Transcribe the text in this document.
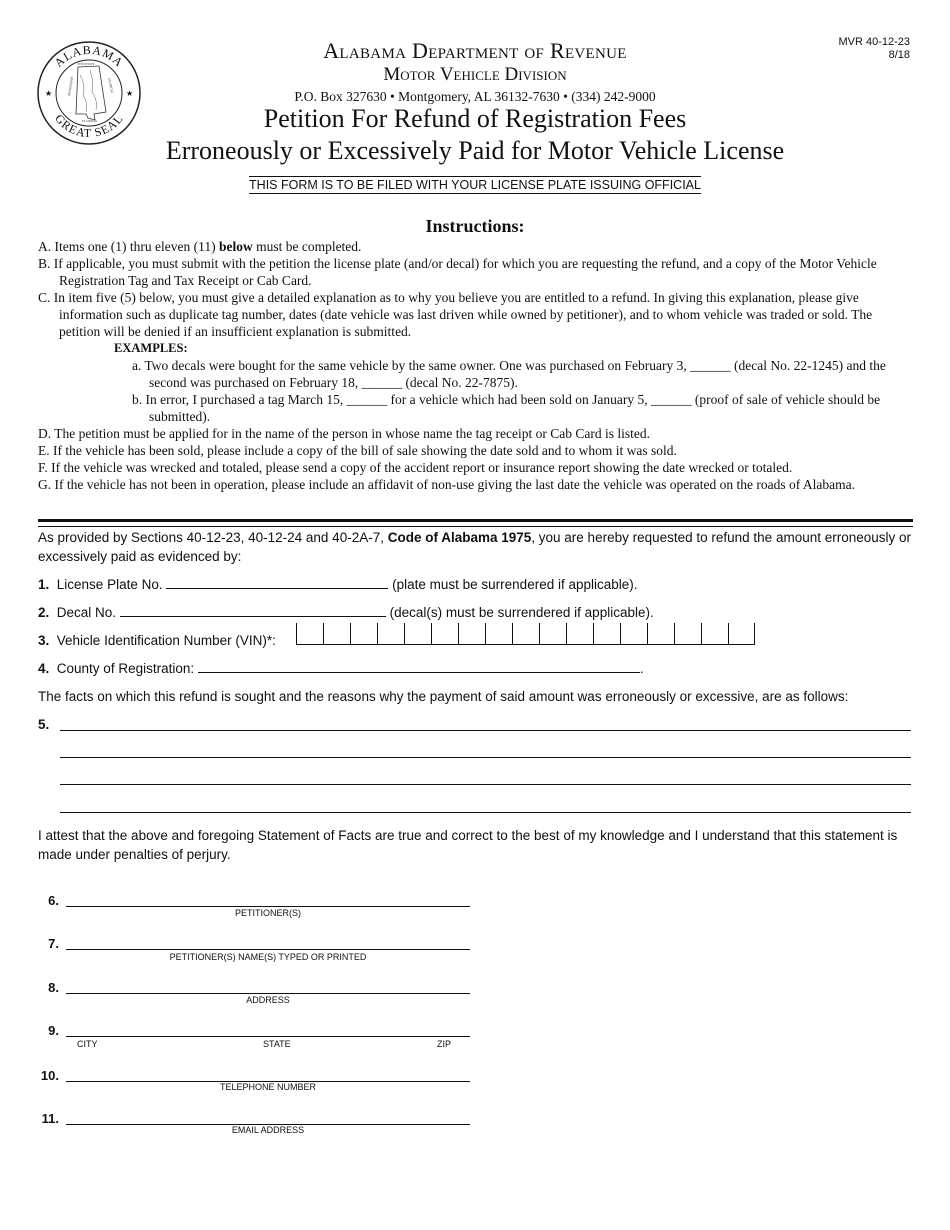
ALABAMA
GREAT SEAL
★	★
MISSISSIPPI	GEORGIA
FLORIDA
TENNESSEE
MVR 40-12-23
8/18
Alabama Department of Revenue
Motor Vehicle Division
P.O. Box 327630 • Montgomery, AL 36132-7630 • (334) 242-9000
Petition For Refund of Registration Fees
Erroneously or Excessively Paid for Motor Vehicle License
THIS FORM IS TO BE FILED WITH YOUR LICENSE PLATE ISSUING OFFICIAL
Instructions:

A. Items one (1) thru eleven (11) below must be completed.

B. If applicable, you must submit with the petition the license plate (and/or decal) for which you are requesting the refund, and a copy of the Motor Vehicle Registration Tag and Tax Receipt or Cab Card.

C. In item five (5) below, you must give a detailed explanation as to why you believe you are entitled to a refund. In giving this explanation, please give information such as duplicate tag number, dates (date vehicle was last driven while owned by petitioner), and to whom vehicle was traded or sold. The petition will be denied if an insufficient explanation is submitted.

EXAMPLES:

a. Two decals were bought for the same vehicle by the same owner. One was purchased on February 3, ______ (decal No. 22-1245) and the second was purchased on February 18, ______ (decal No. 22-7875).

b. In error, I purchased a tag March 15, ______ for a vehicle which had been sold on January 5, ______ (proof of sale of vehicle should be submitted).

D. The petition must be applied for in the name of the person in whose name the tag receipt or Cab Card is listed.

E. If the vehicle has been sold, please include a copy of the bill of sale showing the date sold and to whom it was sold.

F. If the vehicle was wrecked and totaled, please send a copy of the accident report or insurance report showing the date wrecked or totaled.

G. If the vehicle has not been in operation, please include an affidavit of non-use giving the last date the vehicle was operated on the roads of Alabama.

As provided by Sections 40-12-23, 40-12-24 and 40-2A-7, Code of Alabama 1975, you are hereby requested to refund the amount erroneously or excessively paid as evidenced by:
1. License Plate No.	(plate must be surrendered if applicable).
2. Decal No.	(decal(s) must be surrendered if applicable).
3. Vehicle Identification Number (VIN)*:
4. County of Registration:	.
The facts on which this refund is sought and the reasons why the payment of said amount was erroneously or excessive, are as follows:
5.
I attest that the above and foregoing Statement of Facts are true and correct to the best of my knowledge and I understand that this statement is made under penalties of perjury.
6.
PETITIONER(S)
7.
PETITIONER(S) NAME(S) TYPED OR PRINTED
8.
ADDRESS
9.
CITY	STATE	ZIP
10.
TELEPHONE NUMBER
11.
EMAIL ADDRESS
